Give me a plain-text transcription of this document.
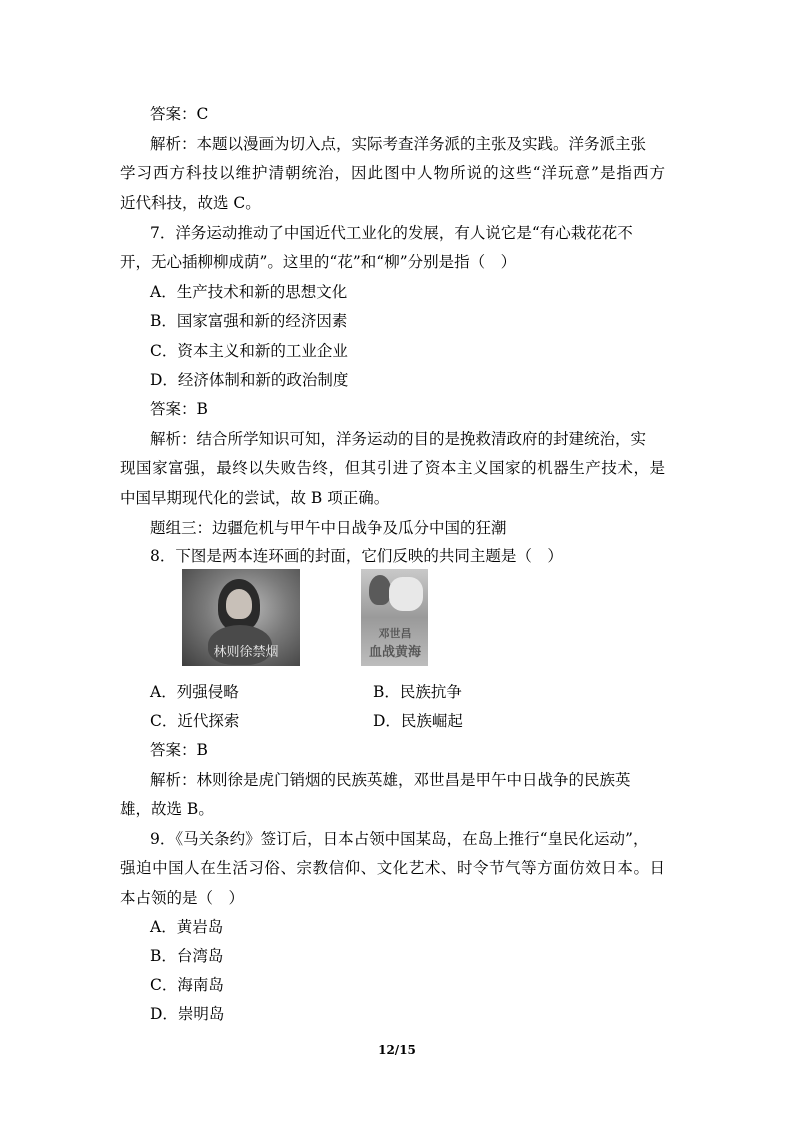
答案：C
解析：本题以漫画为切入点，实际考查洋务派的主张及实践。洋务派主张
学习西方科技以维护清朝统治，因此图中人物所说的这些“洋玩意”是指西方
近代科技，故选 C。
7．洋务运动推动了中国近代工业化的发展，有人说它是“有心栽花花不
开，无心插柳柳成荫”。这里的“花”和“柳”分别是指（　）
A．生产技术和新的思想文化
B．国家富强和新的经济因素
C．资本主义和新的工业企业
D．经济体制和新的政治制度
答案：B
解析：结合所学知识可知，洋务运动的目的是挽救清政府的封建统治，实
现国家富强，最终以失败告终，但其引进了资本主义国家的机器生产技术，是
中国早期现代化的尝试，故 B 项正确。
题组三：边疆危机与甲午中日战争及瓜分中国的狂潮
8．下图是两本连环画的封面，它们反映的共同主题是（　）
林则徐禁烟
邓世昌
血战黄海
A．列强侵略	B．民族抗争
C．近代探索	D．民族崛起
答案：B
解析：林则徐是虎门销烟的民族英雄，邓世昌是甲午中日战争的民族英
雄，故选 B。
9．《马关条约》签订后，日本占领中国某岛，在岛上推行“皇民化运动”，
强迫中国人在生活习俗、宗教信仰、文化艺术、时令节气等方面仿效日本。日
本占领的是（　）
A．黄岩岛
B．台湾岛
C．海南岛
D．崇明岛
12/15
